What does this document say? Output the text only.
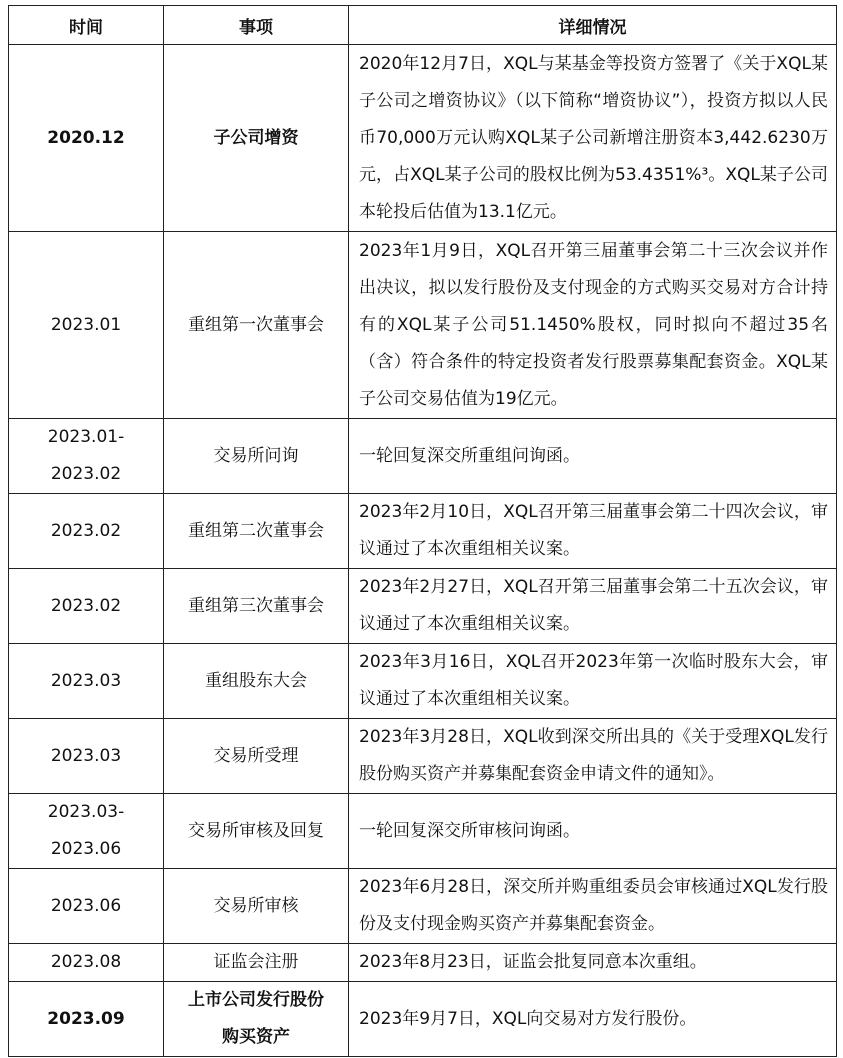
时间	事项	详细情况
2020.12	子公司增资	2020年12月7日，XQL与某基金等投资方签署了《关于XQL某子公司之增资协议》（以下简称“增资协议”），投资方拟以人民币70,000万元认购XQL某子公司新增注册资本3,442.6230万元，占XQL某子公司的股权比例为53.4351%³。XQL某子公司本轮投后估值为13.1亿元。
2023.01	重组第一次董事会	2023年1月9日，XQL召开第三届董事会第二十三次会议并作出决议，拟以发行股份及支付现金的方式购买交易对方合计持有的XQL某子公司51.1450%股权，同时拟向不超过35名（含）符合条件的特定投资者发行股票募集配套资金。XQL某子公司交易估值为19亿元。

2023.01-2023.02	交易所问询	一轮回复深交所重组问询函。
2023.02	重组第二次董事会	2023年2月10日，XQL召开第三届董事会第二十四次会议，审议通过了本次重组相关议案。
2023.02	重组第三次董事会	2023年2月27日，XQL召开第三届董事会第二十五次会议，审议通过了本次重组相关议案。
2023.03	重组股东大会	2023年3月16日，XQL召开2023年第一次临时股东大会，审议通过了本次重组相关议案。
2023.03	交易所受理	2023年3月28日，XQL收到深交所出具的《关于受理XQL发行股份购买资产并募集配套资金申请文件的通知》。

2023.03-2023.06	交易所审核及回复	一轮回复深交所审核问询函。
2023.06	交易所审核	2023年6月28日，深交所并购重组委员会审核通过XQL发行股份及支付现金购买资产并募集配套资金。
2023.08	证监会注册	2023年8月23日，证监会批复同意本次重组。
2023.09	上市公司发行股份购买资产	2023年9月7日，XQL向交易对方发行股份。
